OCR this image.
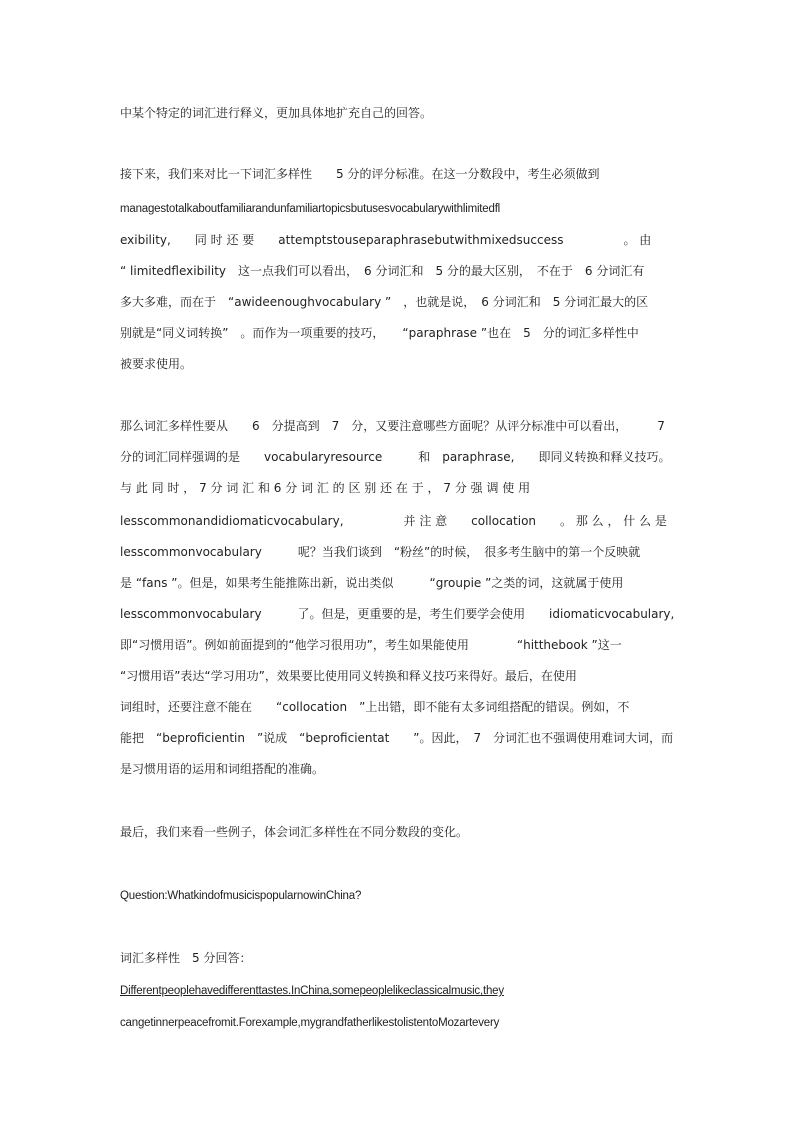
中某个特定的词汇进行释义，更加具体地扩充自己的回答。
接下来，我们来对比一下词汇多样性　　5 分的评分标准。在这一分数段中，考生必须做到
managestotalkaboutfamiliarandunfamiliartopicsbutusesvocabularywithlimitedfl
exibility,　　同 时 还 要　　attemptstouseparaphrasebutwithmixedsuccess　　　　　。 由
“ limitedflexibility　这一点我们可以看出，　6 分词汇和　5 分的最大区别，　不在于　6 分词汇有
多大多难，而在于　“awideenoughvocabulary ”　，也就是说，　6 分词汇和　5 分词汇最大的区
别就是“同义词转换”　。而作为一项重要的技巧，　　“paraphrase ”也在　5　分的词汇多样性中
被要求使用。
那么词汇多样性要从　　6　分提高到　7　分，又要注意哪些方面呢？从评分标准中可以看出，　　　7
分的词汇同样强调的是　　vocabularyresource　　　和　paraphrase,　　即同义转换和释义技巧。
与 此 同 时 ， 7 分 词 汇 和 6 分 词 汇 的 区 别 还 在 于 ， 7 分 强 调 使 用
lesscommonandidiomaticvocabulary,　　　　　并 注 意　　collocation　　。 那 么 ， 什 么 是
lesscommonvocabulary　　　呢？当我们谈到　“粉丝”的时候，　很多考生脑中的第一个反映就
是 “fans ”。但是，如果考生能推陈出新，说出类似　　　“groupie ”之类的词，这就属于使用
lesscommonvocabulary　　　了。但是，更重要的是，考生们要学会使用　　idiomaticvocabulary,
即“习惯用语”。例如前面提到的“他学习很用功”，考生如果能使用　　　　“hitthebook ”这一
“习惯用语”表达“学习用功”，效果要比使用同义转换和释义技巧来得好。最后，在使用
词组时，还要注意不能在　　“collocation　”上出错，即不能有太多词组搭配的错误。例如，不
能把　“beproficientin　”说成　“beproficientat　　”。因此，　7　分词汇也不强调使用难词大词，而
是习惯用语的运用和词组搭配的准确。
最后，我们来看一些例子，体会词汇多样性在不同分数段的变化。
Question:WhatkindofmusicispopularnowinChina?
词汇多样性　5 分回答：
Differentpeoplehavedifferenttastes.InChina,somepeoplelikeclassicalmusic,they
cangetinnerpeacefromit.Forexample,mygrandfatherlikestolistentoMozartevery
